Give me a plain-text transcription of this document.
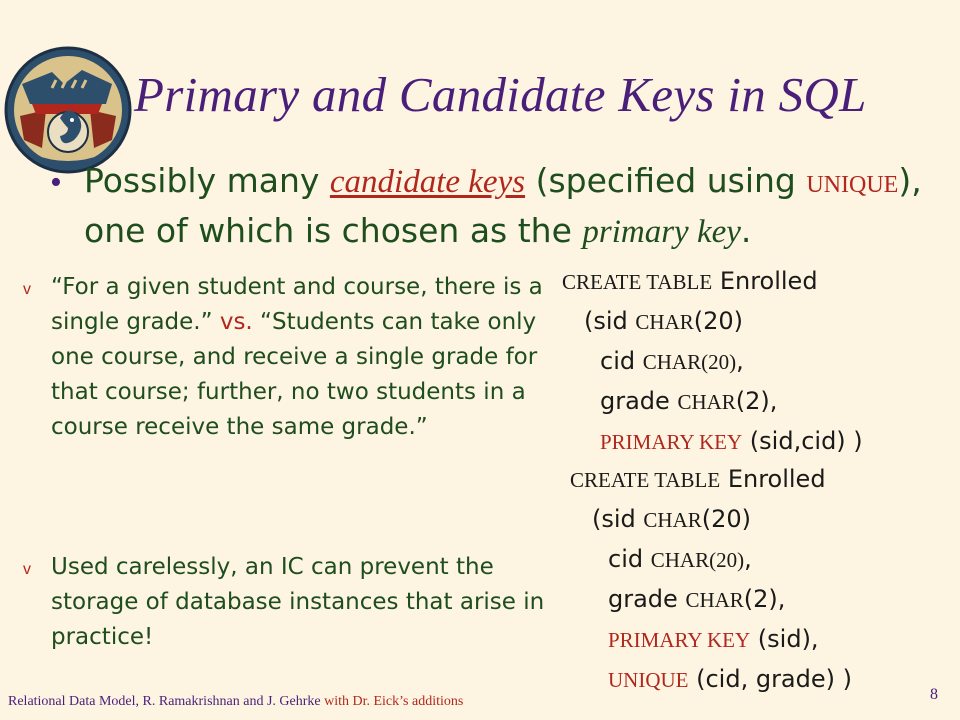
Primary and Candidate Keys in SQL
• Possibly many candidate keys (specified using UNIQUE), one of which is chosen as the primary key.
v “For a given student and course, there is a single grade.” vs. “Students can take only one course, and receive a single grade for that course; further, no two students in a course receive the same grade.”
v Used carelessly, an IC can prevent the storage of database instances that arise in practice!
CREATE TABLE Enrolled
(sid CHAR(20)
cid CHAR(20),
grade CHAR(2),
PRIMARY KEY (sid,cid) )
CREATE TABLE Enrolled
(sid CHAR(20)
cid CHAR(20),
grade CHAR(2),
PRIMARY KEY (sid),
UNIQUE (cid, grade) )
Relational Data Model, R. Ramakrishnan and J. Gehrke with Dr. Eick’s additions	8
